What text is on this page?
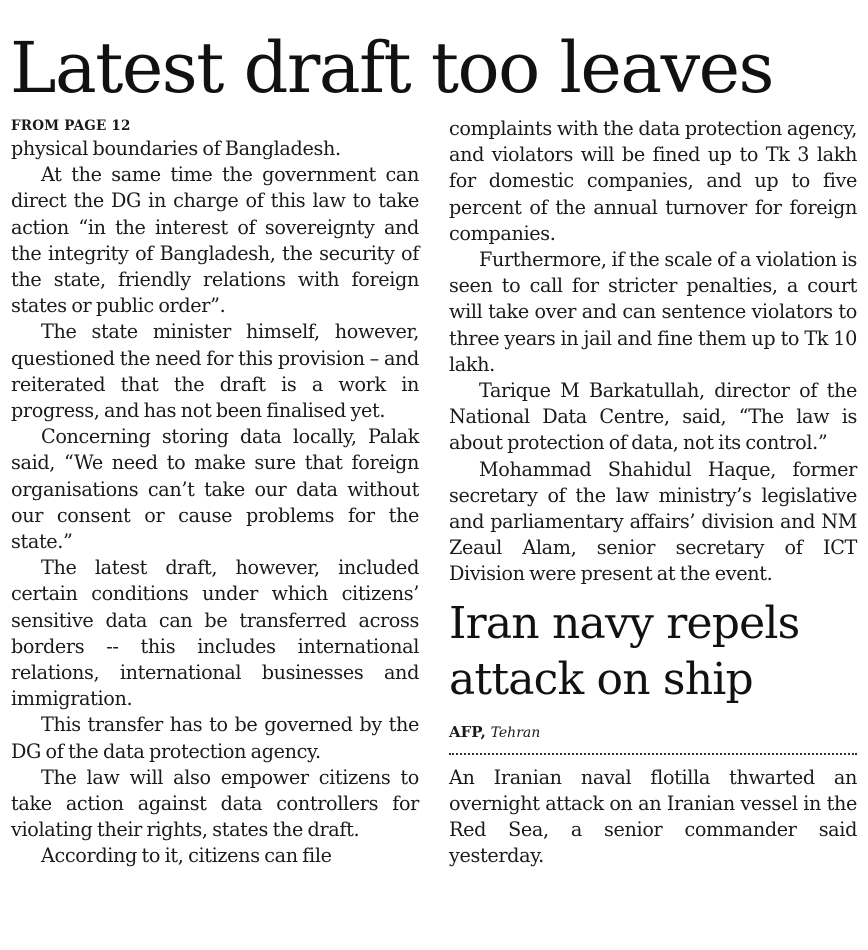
Latest draft too leaves
FROM PAGE 12

physical boundaries of Bangladesh.

At the same time the government can direct the DG in charge of this law to take action “in the interest of sovereignty and the integrity of Bangladesh, the security of the state, friendly relations with foreign states or public order”.

The state minister himself, however, questioned the need for this provision – and reiterated that the draft is a work in progress, and has not been finalised yet.

Concerning storing data locally, Palak said, “We need to make sure that foreign organisations can’t take our data without our consent or cause problems for the state.”

The latest draft, however, included certain conditions under which citizens’ sensitive data can be transferred across borders -- this includes international relations, international businesses and immigration.

This transfer has to be governed by the DG of the data protection agency.

The law will also empower citizens to take action against data controllers for violating their rights, states the draft.

According to it, citizens can file

complaints with the data protection agency, and violators will be fined up to Tk 3 lakh for domestic companies, and up to five percent of the annual turnover for foreign companies.

Furthermore, if the scale of a violation is seen to call for stricter penalties, a court will take over and can sentence violators to three years in jail and fine them up to Tk 10 lakh.

Tarique M Barkatullah, director of the National Data Centre, said, “The law is about protection of data, not its control.”

Mohammad Shahidul Haque, former secretary of the law ministry’s legislative and parliamentary affairs’ division and NM Zeaul Alam, senior secretary of ICT Division were present at the event.

Iran navy repels attack on ship
AFP, Tehran

An Iranian naval flotilla thwarted an overnight attack on an Iranian vessel in the Red Sea, a senior commander said yesterday.
